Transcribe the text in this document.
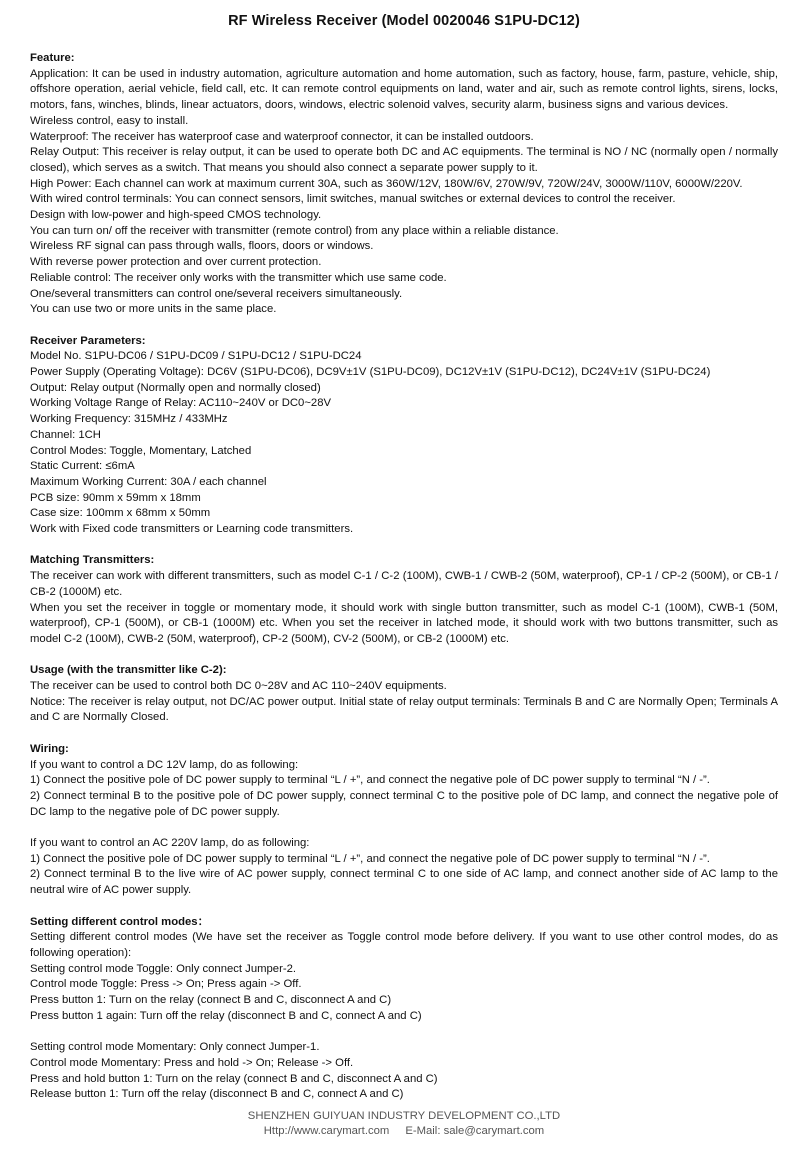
RF Wireless Receiver (Model 0020046 S1PU-DC12)
Feature:

Application: It can be used in industry automation, agriculture automation and home automation, such as factory, house, farm, pasture, vehicle, ship, offshore operation, aerial vehicle, field call, etc. It can remote control equipments on land, water and air, such as remote control lights, sirens, locks, motors, fans, winches, blinds, linear actuators, doors, windows, electric solenoid valves, security alarm, business signs and various devices.

Wireless control, easy to install.

Waterproof: The receiver has waterproof case and waterproof connector, it can be installed outdoors.

Relay Output: This receiver is relay output, it can be used to operate both DC and AC equipments. The terminal is NO / NC (normally open / normally closed), which serves as a switch. That means you should also connect a separate power supply to it.

High Power: Each channel can work at maximum current 30A, such as 360W/12V, 180W/6V, 270W/9V, 720W/24V, 3000W/110V, 6000W/220V.

With wired control terminals: You can connect sensors, limit switches, manual switches or external devices to control the receiver.

Design with low-power and high-speed CMOS technology.

You can turn on/ off the receiver with transmitter (remote control) from any place within a reliable distance.

Wireless RF signal can pass through walls, floors, doors or windows.

With reverse power protection and over current protection.

Reliable control: The receiver only works with the transmitter which use same code.

One/several transmitters can control one/several receivers simultaneously.

You can use two or more units in the same place.

Receiver Parameters:

Model No. S1PU-DC06 / S1PU-DC09 / S1PU-DC12 / S1PU-DC24

Power Supply (Operating Voltage): DC6V (S1PU-DC06), DC9V±1V (S1PU-DC09), DC12V±1V (S1PU-DC12), DC24V±1V (S1PU-DC24)

Output: Relay output (Normally open and normally closed)

Working Voltage Range of Relay: AC110~240V or DC0~28V

Working Frequency: 315MHz / 433MHz

Channel: 1CH

Control Modes: Toggle, Momentary, Latched

Static Current: ≤6mA

Maximum Working Current: 30A / each channel

PCB size: 90mm x 59mm x 18mm

Case size: 100mm x 68mm x 50mm

Work with Fixed code transmitters or Learning code transmitters.

Matching Transmitters:

The receiver can work with different transmitters, such as model C-1 / C-2 (100M), CWB-1 / CWB-2 (50M, waterproof), CP-1 / CP-2 (500M), or CB-1 / CB-2 (1000M) etc.

When you set the receiver in toggle or momentary mode, it should work with single button transmitter, such as model C-1 (100M), CWB-1 (50M, waterproof), CP-1 (500M), or CB-1 (1000M) etc. When you set the receiver in latched mode, it should work with two buttons transmitter, such as model C-2 (100M), CWB-2 (50M, waterproof), CP-2 (500M), CV-2 (500M), or CB-2 (1000M) etc.

Usage (with the transmitter like C-2):

The receiver can be used to control both DC 0~28V and AC 110~240V equipments.

Notice: The receiver is relay output, not DC/AC power output. Initial state of relay output terminals: Terminals B and C are Normally Open; Terminals A and C are Normally Closed.

Wiring:

If you want to control a DC 12V lamp, do as following:

1) Connect the positive pole of DC power supply to terminal “L / +”, and connect the negative pole of DC power supply to terminal “N / -”.

2) Connect terminal B to the positive pole of DC power supply, connect terminal C to the positive pole of DC lamp, and connect the negative pole of DC lamp to the negative pole of DC power supply.

If you want to control an AC 220V lamp, do as following:

1) Connect the positive pole of DC power supply to terminal “L / +”, and connect the negative pole of DC power supply to terminal “N / -”.

2) Connect terminal B to the live wire of AC power supply, connect terminal C to one side of AC lamp, and connect another side of AC lamp to the neutral wire of AC power supply.

Setting different control modes：

Setting different control modes (We have set the receiver as Toggle control mode before delivery. If you want to use other control modes, do as following operation):

Setting control mode Toggle: Only connect Jumper-2.

Control mode Toggle: Press -> On; Press again -> Off.

Press button 1: Turn on the relay (connect B and C, disconnect A and C)

Press button 1 again: Turn off the relay (disconnect B and C, connect A and C)

Setting control mode Momentary: Only connect Jumper-1.

Control mode Momentary: Press and hold -> On; Release -> Off.

Press and hold button 1: Turn on the relay (connect B and C, disconnect A and C)

Release button 1: Turn off the relay (disconnect B and C, connect A and C)

SHENZHEN GUIYUAN INDUSTRY DEVELOPMENT CO.,LTD
Http://www.carymart.com E-Mail: sale@carymart.com
